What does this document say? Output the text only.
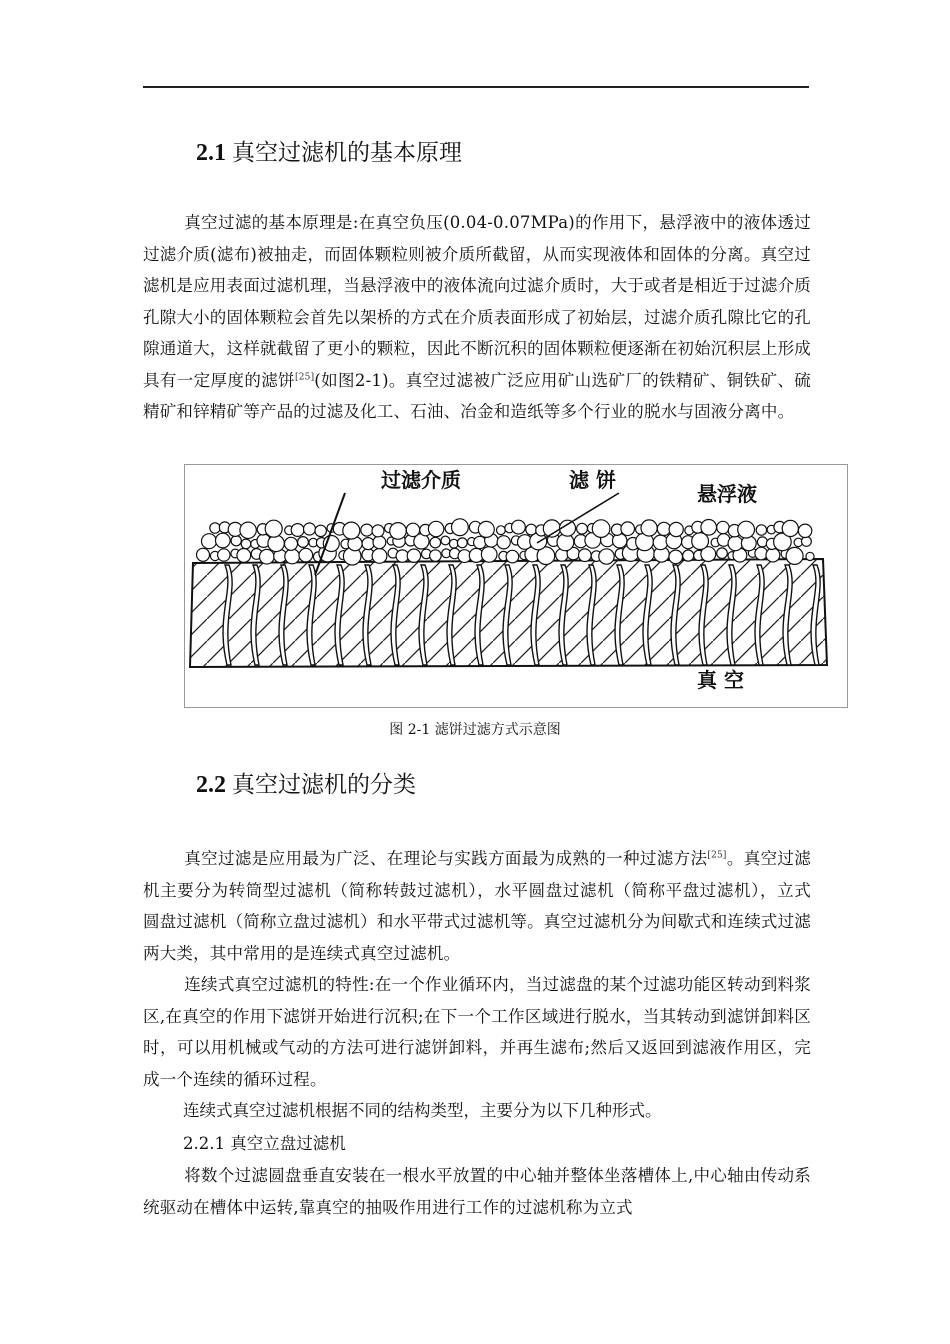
2.1 真空过滤机的基本原理

真空过滤的基本原理是:在真空负压(0.04-0.07MPa)的作用下，悬浮液中的液体透过过滤介质(滤布)被抽走，而固体颗粒则被介质所截留，从而实现液体和固体的分离。真空过滤机是应用表面过滤机理，当悬浮液中的液体流向过滤介质时，大于或者是相近于过滤介质孔隙大小的固体颗粒会首先以架桥的方式在介质表面形成了初始层，过滤介质孔隙比它的孔隙通道大，这样就截留了更小的颗粒，因此不断沉积的固体颗粒便逐渐在初始沉积层上形成具有一定厚度的滤饼[25](如图2-1)。真空过滤被广泛应用矿山选矿厂的铁精矿、铜铁矿、硫精矿和锌精矿等产品的过滤及化工、石油、冶金和造纸等多个行业的脱水与固液分离中。

过滤介质	滤 饼
悬浮液
真 空
图 2-1 滤饼过滤方式示意图
2.2 真空过滤机的分类

真空过滤是应用最为广泛、在理论与实践方面最为成熟的一种过滤方法[25]。真空过滤机主要分为转筒型过滤机（简称转鼓过滤机），水平圆盘过滤机（简称平盘过滤机），立式圆盘过滤机（简称立盘过滤机）和水平带式过滤机等。真空过滤机分为间歇式和连续式过滤两大类，其中常用的是连续式真空过滤机。

连续式真空过滤机的特性:在一个作业循环内，当过滤盘的某个过滤功能区转动到料浆区,在真空的作用下滤饼开始进行沉积;在下一个工作区域进行脱水，当其转动到滤饼卸料区时，可以用机械或气动的方法可进行滤饼卸料，并再生滤布;然后又返回到滤液作用区，完成一个连续的循环过程。

连续式真空过滤机根据不同的结构类型，主要分为以下几种形式。
2.2.1 真空立盘过滤机

将数个过滤圆盘垂直安装在一根水平放置的中心轴并整体坐落槽体上,中心轴由传动系统驱动在槽体中运转,靠真空的抽吸作用进行工作的过滤机称为立式
